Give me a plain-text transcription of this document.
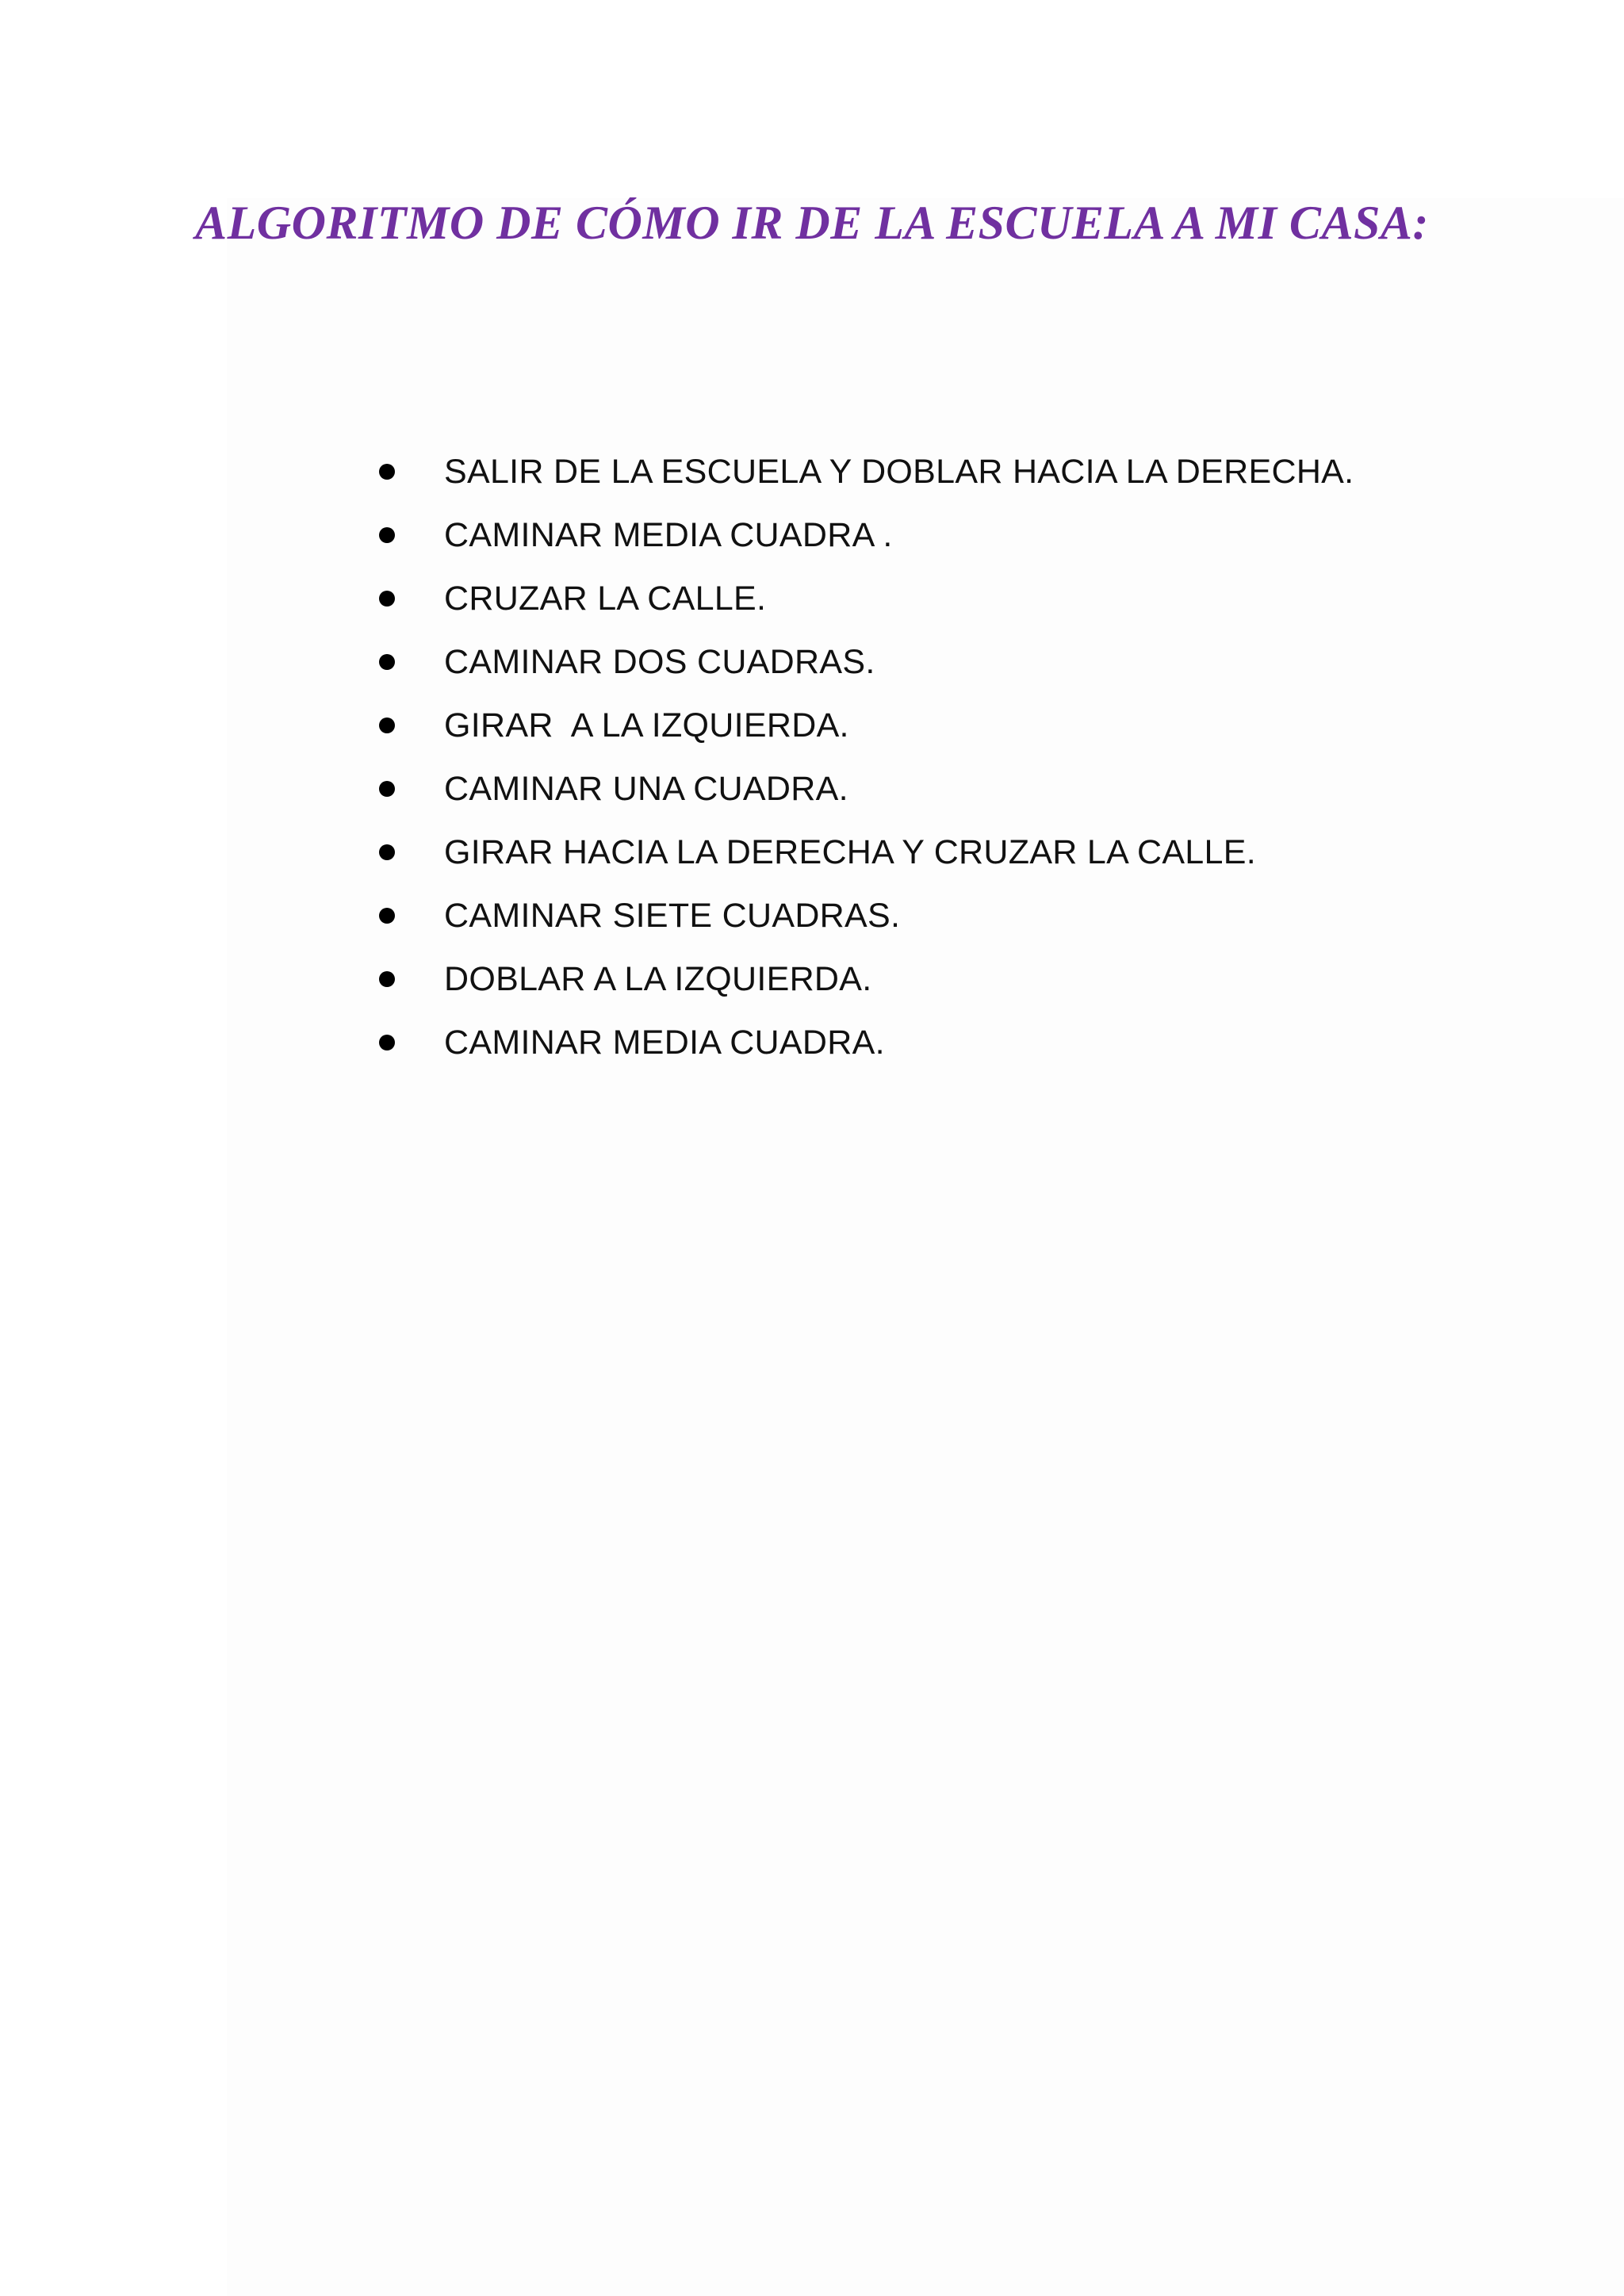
ALGORITMO DE CÓMO IR DE LA ESCUELA A MI CASA:
SALIR DE LA ESCUELA Y DOBLAR HACIA LA DERECHA.
CAMINAR MEDIA CUADRA .
CRUZAR LA CALLE.
CAMINAR DOS CUADRAS.
GIRAR  A LA IZQUIERDA.
CAMINAR UNA CUADRA.
GIRAR HACIA LA DERECHA Y CRUZAR LA CALLE.
CAMINAR SIETE CUADRAS.
DOBLAR A LA IZQUIERDA.
CAMINAR MEDIA CUADRA.
